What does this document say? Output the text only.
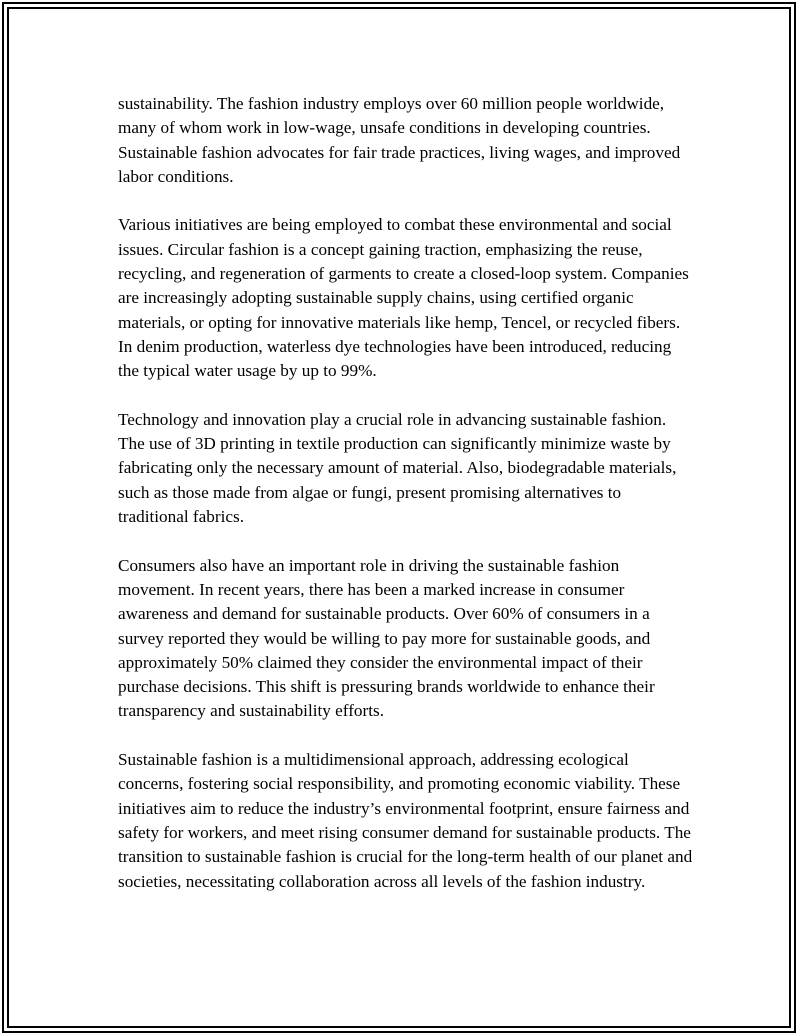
sustainability. The fashion industry employs over 60 million people worldwide, many of whom work in low-wage, unsafe conditions in developing countries. Sustainable fashion advocates for fair trade practices, living wages, and improved labor conditions.

Various initiatives are being employed to combat these environmental and social issues. Circular fashion is a concept gaining traction, emphasizing the reuse, recycling, and regeneration of garments to create a closed-loop system. Companies are increasingly adopting sustainable supply chains, using certified organic materials, or opting for innovative materials like hemp, Tencel, or recycled fibers. In denim production, waterless dye technologies have been introduced, reducing the typical water usage by up to 99%.

Technology and innovation play a crucial role in advancing sustainable fashion. The use of 3D printing in textile production can significantly minimize waste by fabricating only the necessary amount of material. Also, biodegradable materials, such as those made from algae or fungi, present promising alternatives to traditional fabrics.

Consumers also have an important role in driving the sustainable fashion movement. In recent years, there has been a marked increase in consumer awareness and demand for sustainable products. Over 60% of consumers in a survey reported they would be willing to pay more for sustainable goods, and approximately 50% claimed they consider the environmental impact of their purchase decisions. This shift is pressuring brands worldwide to enhance their transparency and sustainability efforts.

Sustainable fashion is a multidimensional approach, addressing ecological concerns, fostering social responsibility, and promoting economic viability. These initiatives aim to reduce the industry’s environmental footprint, ensure fairness and safety for workers, and meet rising consumer demand for sustainable products. The transition to sustainable fashion is crucial for the long-term health of our planet and societies, necessitating collaboration across all levels of the fashion industry.
